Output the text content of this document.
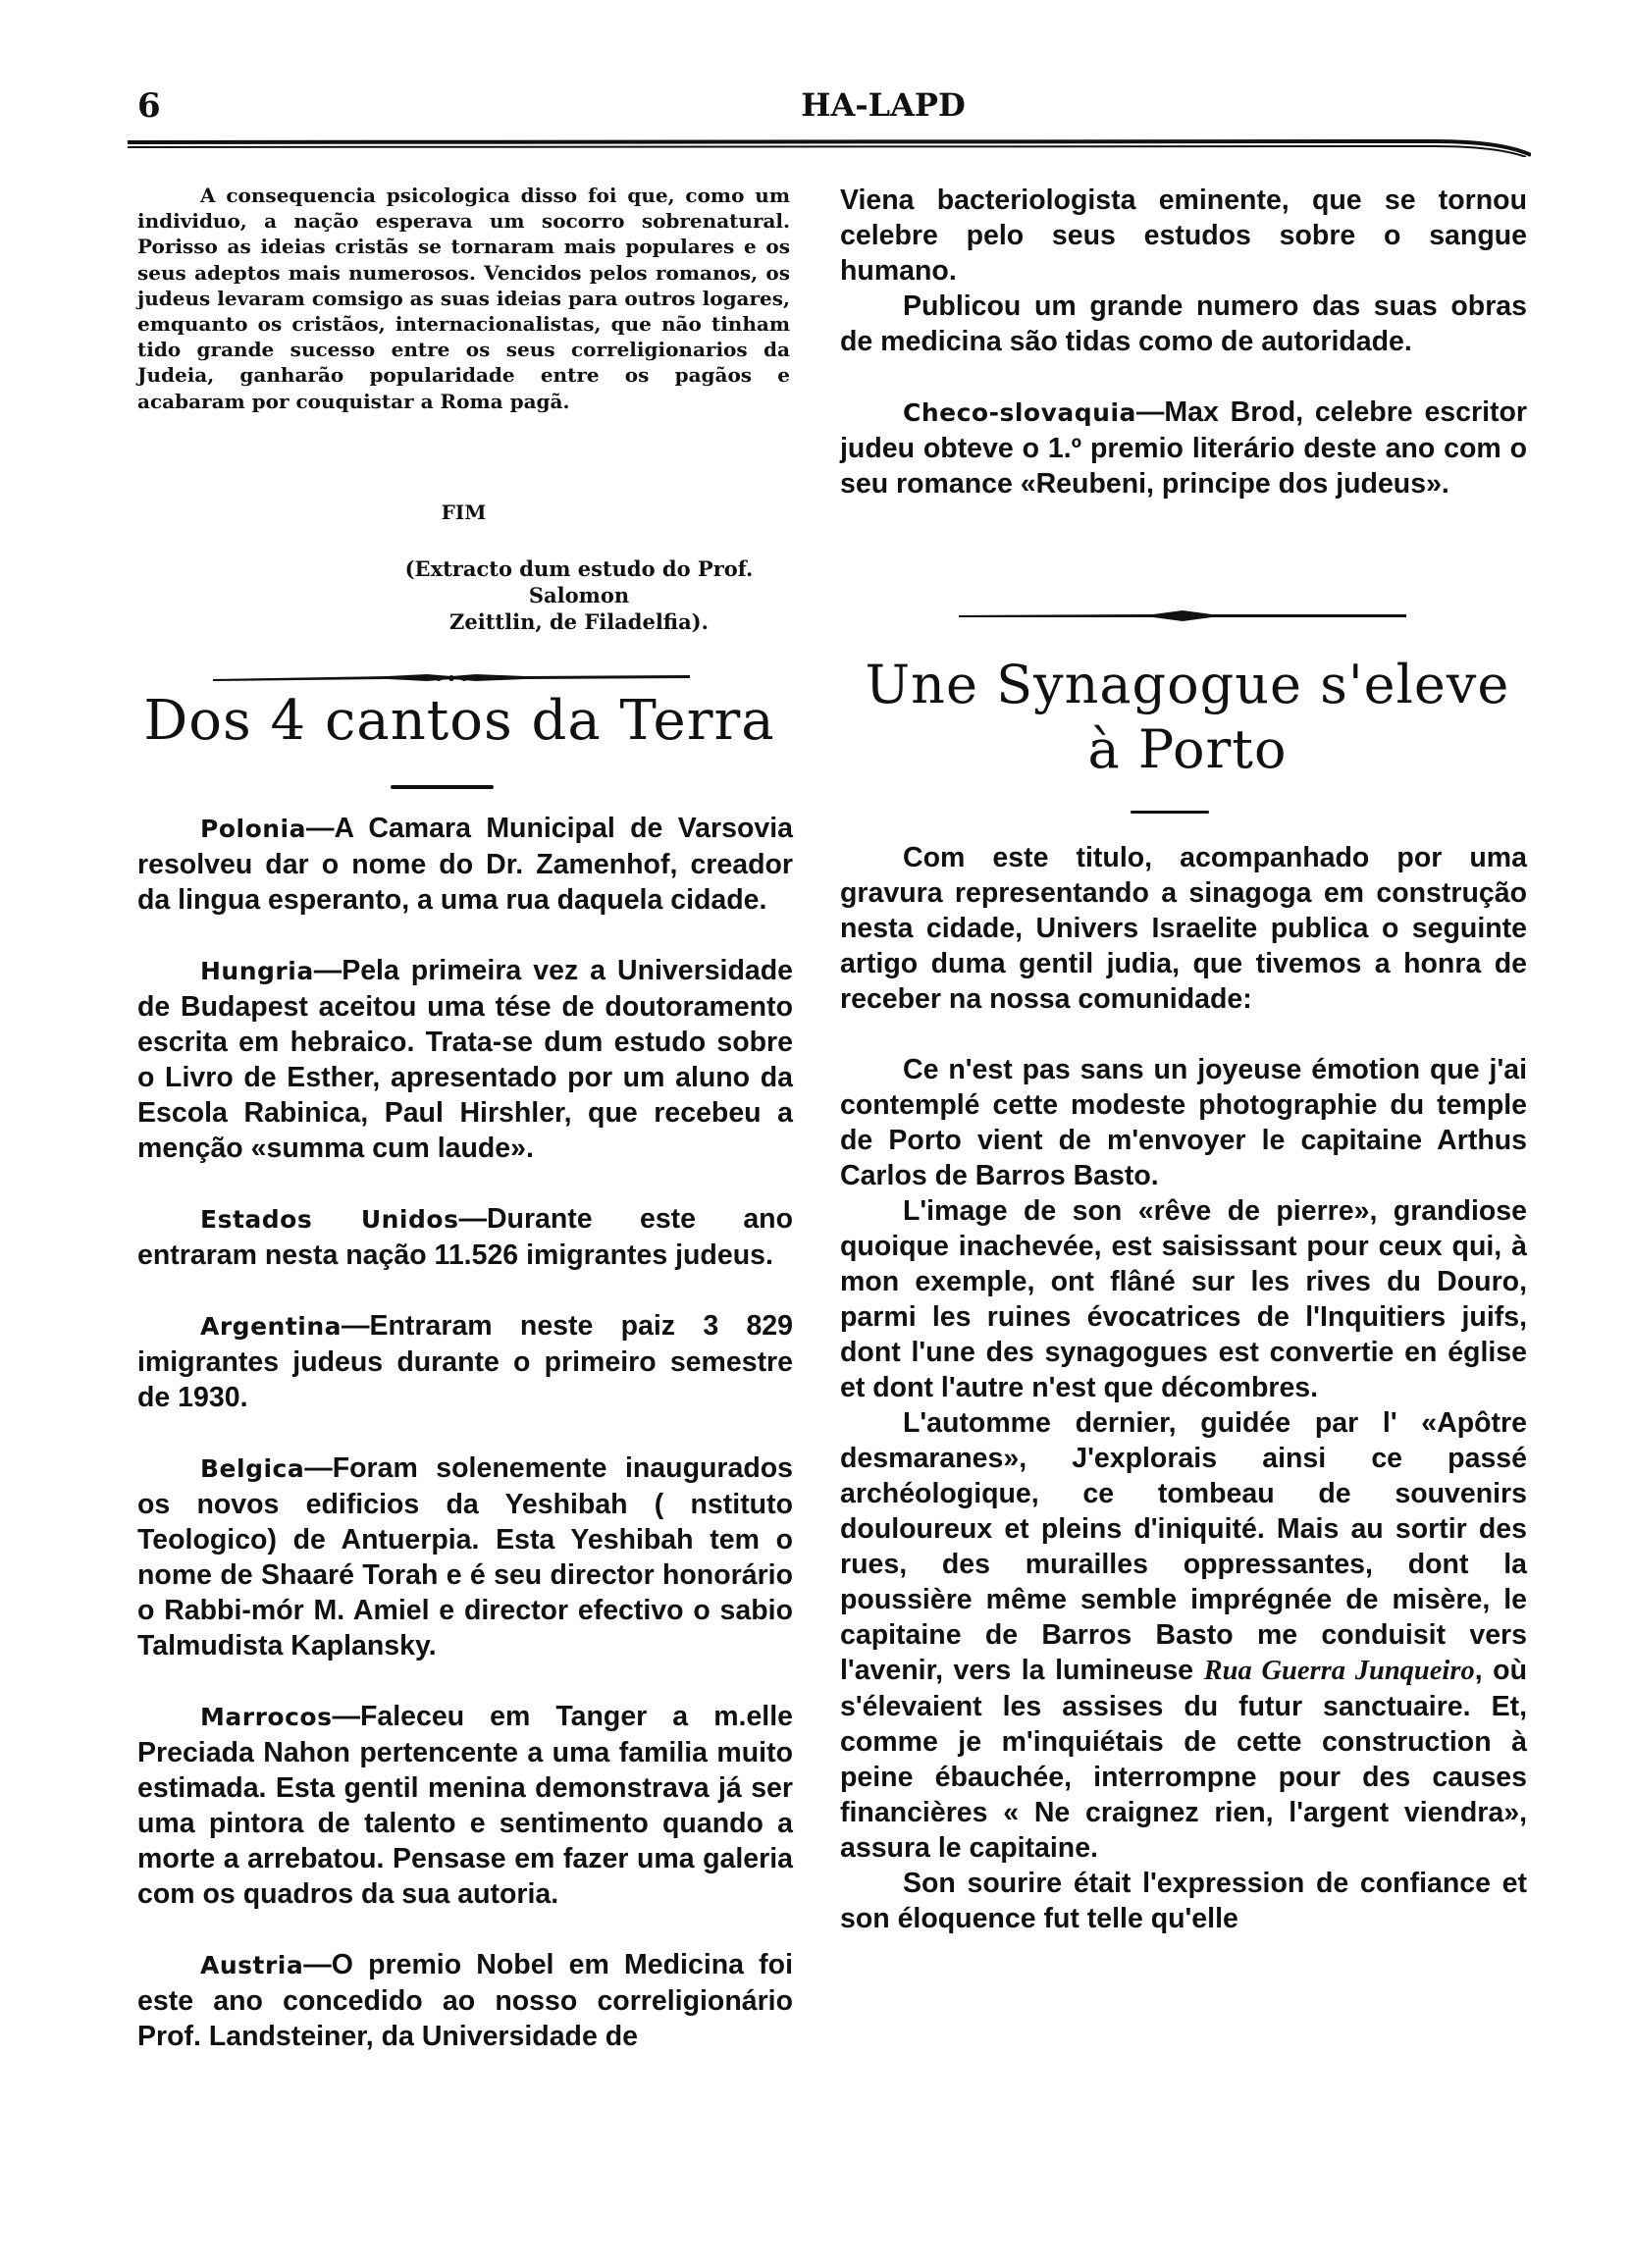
6	HA-LAPD

A consequencia psicologica disso foi que, como um individuo, a nação esperava um socorro sobrenatural. Porisso as ideias cristãs se tornaram mais populares e os seus adeptos mais numerosos. Vencidos pelos romanos, os judeus levaram comsigo as suas ideias para outros logares, emquanto os cristãos, internacionalistas, que não tinham tido grande sucesso entre os seus correligionarios da Judeia, ganharão popularidade entre os pagãos e acabaram por couquistar a Roma pagã.

FIM
(Extracto dum estudo do Prof. Salomon
Zeittlin, de Filadelfia).
Dos 4 cantos da Terra

Polonia—A Camara Municipal de Varsovia resolveu dar o nome do Dr. Zamenhof, creador da lingua esperanto, a uma rua daquela cidade.

Hungria—Pela primeira vez a Universidade de Budapest aceitou uma tése de doutoramento escrita em hebraico. Trata-se dum estudo sobre o Livro de Esther, apresentado por um aluno da Escola Rabinica, Paul Hirshler, que recebeu a menção «summa cum laude».

Estados Unidos—Durante este ano entraram nesta nação 11.526 imigrantes judeus.

Argentina—Entraram neste paiz 3 829 imigrantes judeus durante o primeiro semestre de 1930.

Belgica—Foram solenemente inaugurados os novos edificios da Yeshibah ( nstituto Teologico) de Antuerpia. Esta Yeshibah tem o nome de Shaaré Torah e é seu director honorário o Rabbi-mór M. Amiel e director efectivo o sabio Talmudista Kaplansky.

Marrocos—Faleceu em Tanger a m.elle Preciada Nahon pertencente a uma familia muito estimada. Esta gentil menina demonstrava já ser uma pintora de talento e sentimento quando a morte a arrebatou. Pensase em fazer uma galeria com os quadros da sua autoria.

Austria—O premio Nobel em Medicina foi este ano concedido ao nosso correligionário Prof. Landsteiner, da Universidade de

Viena bacteriologista eminente, que se tornou celebre pelo seus estudos sobre o sangue humano.

Publicou um grande numero das suas obras de medicina são tidas como de autoridade.

Checo-slovaquia—Max Brod, celebre escritor judeu obteve o 1.º premio literário deste ano com o seu romance «Reubeni, principe dos judeus».

Une Synagogue s'eleve
à Porto

Com este titulo, acompanhado por uma gravura representando a sinagoga em construção nesta cidade, Univers Israelite publica o seguinte artigo duma gentil judia, que tivemos a honra de receber na nossa comunidade:

Ce n'est pas sans un joyeuse émotion que j'ai contemplé cette modeste photographie du temple de Porto vient de m'envoyer le capitaine Arthus Carlos de Barros Basto.

L'image de son «rêve de pierre», grandiose quoique inachevée, est saisissant pour ceux qui, à mon exemple, ont flâné sur les rives du Douro, parmi les ruines évocatrices de l'Inquitiers juifs, dont l'une des synagogues est convertie en église et dont l'autre n'est que décombres.

L'automme dernier, guidée par l' «Apôtre desmaranes», J'explorais ainsi ce passé archéologique, ce tombeau de souvenirs douloureux et pleins d'iniquité. Mais au sortir des rues, des murailles oppressantes, dont la poussière même semble imprégnée de misère, le capitaine de Barros Basto me conduisit vers l'avenir, vers la lumineuse Rua Guerra Junqueiro, où s'élevaient les assises du futur sanctuaire. Et, comme je m'inquiétais de cette construction à peine ébauchée, interrompne pour des causes financières « Ne craignez rien, l'argent viendra», assura le capitaine.

Son sourire était l'expression de confiance et son éloquence fut telle qu'elle
